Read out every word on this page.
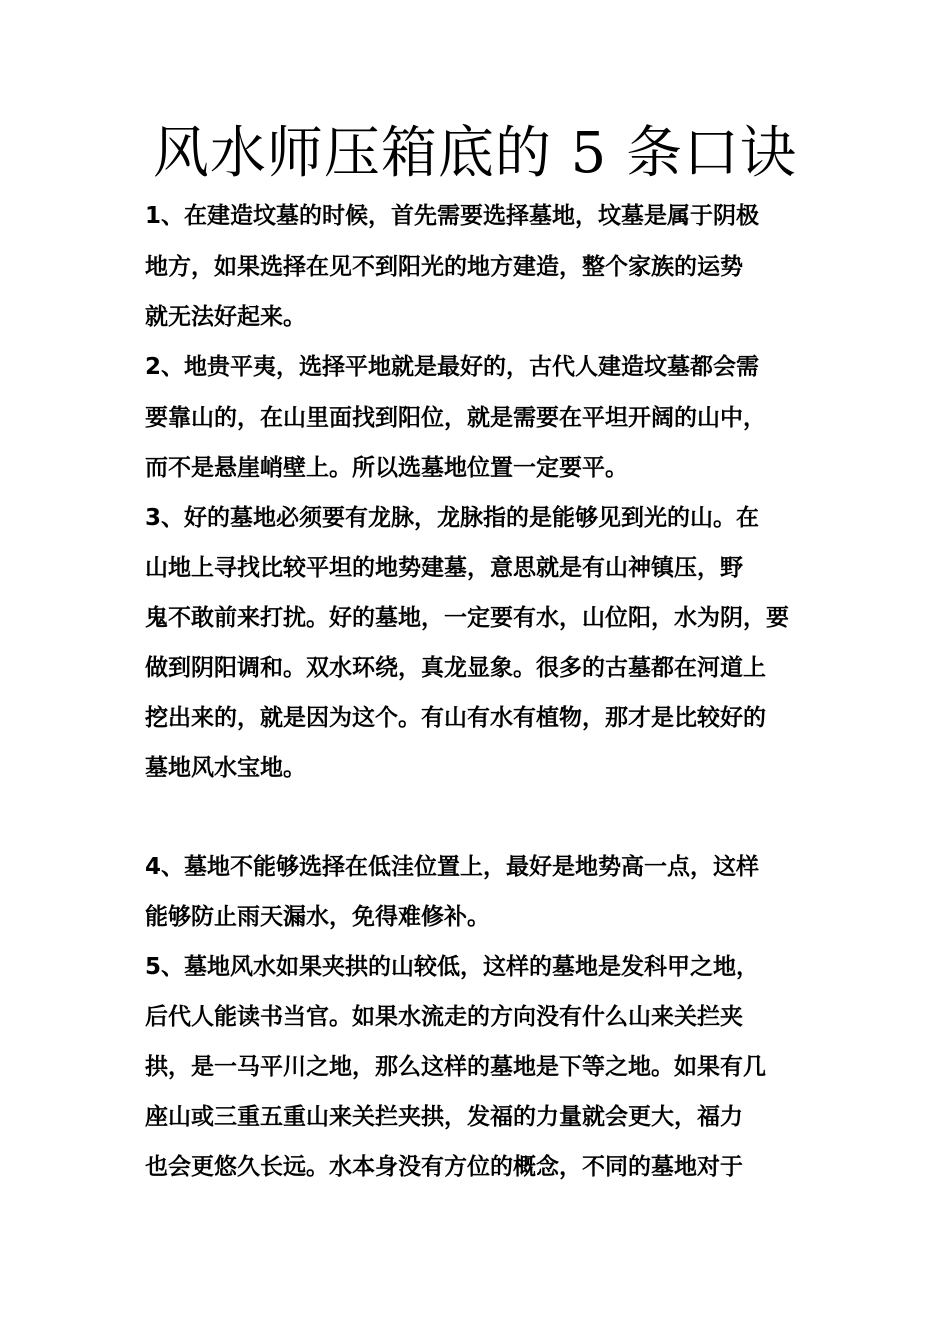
风水师压箱底的 5 条口诀
1、在建造坟墓的时候，首先需要选择墓地，坟墓是属于阴极
地方，如果选择在见不到阳光的地方建造，整个家族的运势
就无法好起来。
2、地贵平夷，选择平地就是最好的，古代人建造坟墓都会需
要靠山的，在山里面找到阳位，就是需要在平坦开阔的山中，
而不是悬崖峭壁上。所以选墓地位置一定要平。
3、好的墓地必须要有龙脉，龙脉指的是能够见到光的山。在
山地上寻找比较平坦的地势建墓，意思就是有山神镇压，野
鬼不敢前来打扰。好的墓地，一定要有水，山位阳，水为阴，要
做到阴阳调和。双水环绕，真龙显象。很多的古墓都在河道上
挖出来的，就是因为这个。有山有水有植物，那才是比较好的
墓地风水宝地。
4、墓地不能够选择在低洼位置上，最好是地势高一点，这样
能够防止雨天漏水，免得难修补。
5、墓地风水如果夹拱的山较低，这样的墓地是发科甲之地，
后代人能读书当官。如果水流走的方向没有什么山来关拦夹
拱，是一马平川之地，那么这样的墓地是下等之地。如果有几
座山或三重五重山来关拦夹拱，发福的力量就会更大，福力
也会更悠久长远。水本身没有方位的概念，不同的墓地对于
